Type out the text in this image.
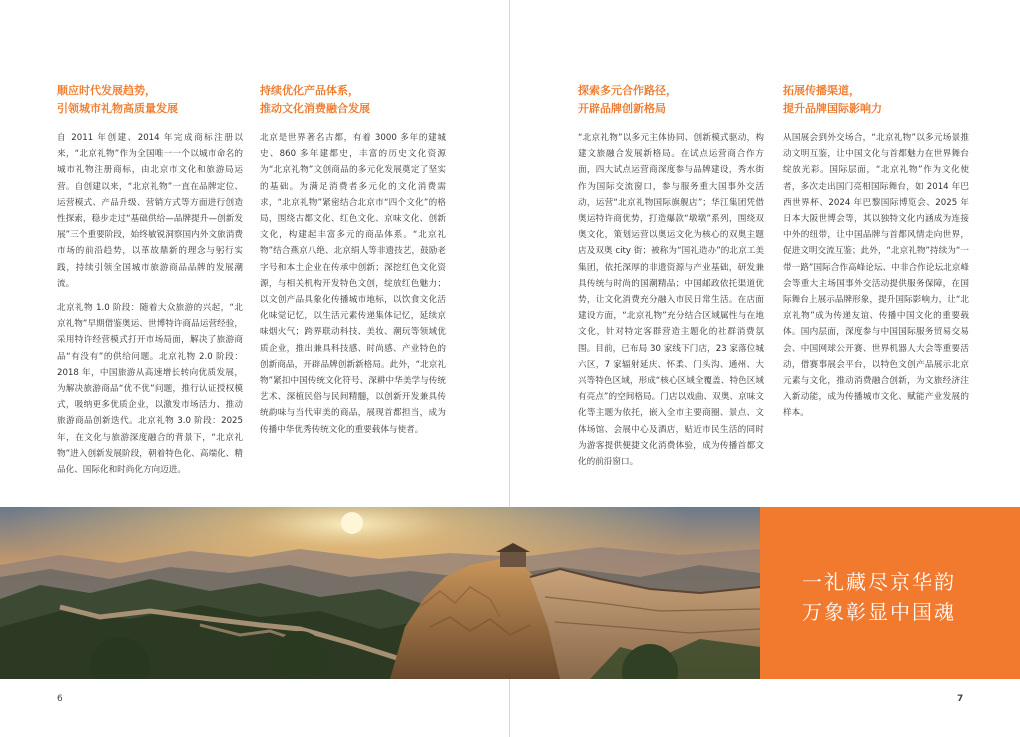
顺应时代发展趋势，
引领城市礼物高质量发展

自 2011 年创建、2014 年完成商标注册以来，“北京礼物”作为全国唯一一个以城市命名的城市礼物注册商标，由北京市文化和旅游局运营。自创建以来，“北京礼物”一直在品牌定位、运营模式、产品升级、营销方式等方面进行创造性探索，稳步走过“基础供给—品牌提升—创新发展”三个重要阶段，始终敏锐洞察国内外文旅消费市场的前沿趋势，以革故鼎新的理念与躬行实践，持续引领全国城市旅游商品品牌的发展潮流。

北京礼物 1.0 阶段：随着大众旅游的兴起，“北京礼物”早期借鉴奥运、世博特许商品运营经验，采用特许经营模式打开市场局面，解决了旅游商品“有没有”的供给问题。北京礼物 2.0 阶段：2018 年，中国旅游从高速增长转向优质发展，为解决旅游商品“优不优”问题，推行认证授权模式，吸纳更多优质企业，以激发市场活力、推动旅游商品创新迭代。北京礼物 3.0 阶段：2025 年，在文化与旅游深度融合的背景下，“北京礼物”进入创新发展阶段，朝着特色化、高端化、精品化、国际化和时尚化方向迈进。

持续优化产品体系，
推动文化消费融合发展

北京是世界著名古都，有着 3000 多年的建城史、860 多年建都史，丰富的历史文化资源为“北京礼物”文创商品的多元化发展奠定了坚实的基础。为满足消费者多元化的文化消费需求，“北京礼物”紧密结合北京市“四个文化”的格局，围绕古都文化、红色文化、京味文化、创新文化，构建起丰富多元的商品体系。“北京礼物”结合燕京八绝、北京绢人等非遗技艺，鼓励老字号和本土企业在传承中创新；深挖红色文化资源，与相关机构开发特色文创，绽放红色魅力；以文创产品具象化传播城市地标，以饮食文化活化味觉记忆，以生活元素传递集体记忆，延续京味烟火气；跨界联动科技、美妆、潮玩等领域优质企业，推出兼具科技感、时尚感、产业特色的创新商品，开辟品牌创新新格局。此外，“北京礼物”紧扣中国传统文化符号、深耕中华美学与传统艺术、深植民俗与民间精髓，以创新开发兼具传统韵味与当代审美的商品，展现首都担当，成为传播中华优秀传统文化的重要载体与使者。

探索多元合作路径，
开辟品牌创新格局

“北京礼物”以多元主体协同、创新模式驱动，构建文旅融合发展新格局。在试点运营商合作方面，四大试点运营商深度参与品牌建设，秀水街作为国际交流窗口，参与服务重大国事外交活动，运营“北京礼物国际旗舰店”；华江集团凭借奥运特许商优势，打造爆款“墩墩”系列，围绕双奥文化，策划运营以奥运文化为核心的双奥主题店及双奥 city 街；被称为“国礼造办”的北京工美集团，依托深厚的非遗资源与产业基础，研发兼具传统与时尚的国潮精品；中国邮政依托渠道优势，让文化消费充分融入市民日常生活。在店面建设方面，“北京礼物”充分结合区域属性与在地文化，针对特定客群营造主题化的社群消费氛围。目前，已布局 30 家线下门店，23 家落位城六区，7 家辐射延庆、怀柔、门头沟、通州、大兴等特色区域，形成“核心区域全覆盖、特色区域有亮点”的空间格局。门店以戏曲、双奥、京味文化等主题为依托，嵌入全市主要商圈、景点、文体场馆、会展中心及酒店，贴近市民生活的同时为游客提供便捷文化消费体验，成为传播首都文化的前沿窗口。

拓展传播渠道，
提升品牌国际影响力

从国展会到外交场合，“北京礼物”以多元场景推动文明互鉴，让中国文化与首都魅力在世界舞台绽放光彩。国际层面，“北京礼物”作为文化使者，多次走出国门亮相国际舞台，如 2014 年巴西世界杯、2024 年巴黎国际博览会、2025 年日本大阪世博会等，其以独特文化内涵成为连接中外的纽带，让中国品牌与首都风情走向世界，促进文明交流互鉴；此外，“北京礼物”持续为“一带一路”国际合作高峰论坛、中非合作论坛北京峰会等重大主场国事外交活动提供服务保障，在国际舞台上展示品牌形象，提升国际影响力，让“北京礼物”成为传递友谊、传播中国文化的重要载体。国内层面，深度参与中国国际服务贸易交易会、中国网球公开赛、世界机器人大会等重要活动，借赛事展会平台，以特色文创产品展示北京元素与文化，推动消费融合创新，为文旅经济注入新动能，成为传播城市文化、赋能产业发展的样本。

一礼藏尽京华韵
万象彰显中国魂
6	7
